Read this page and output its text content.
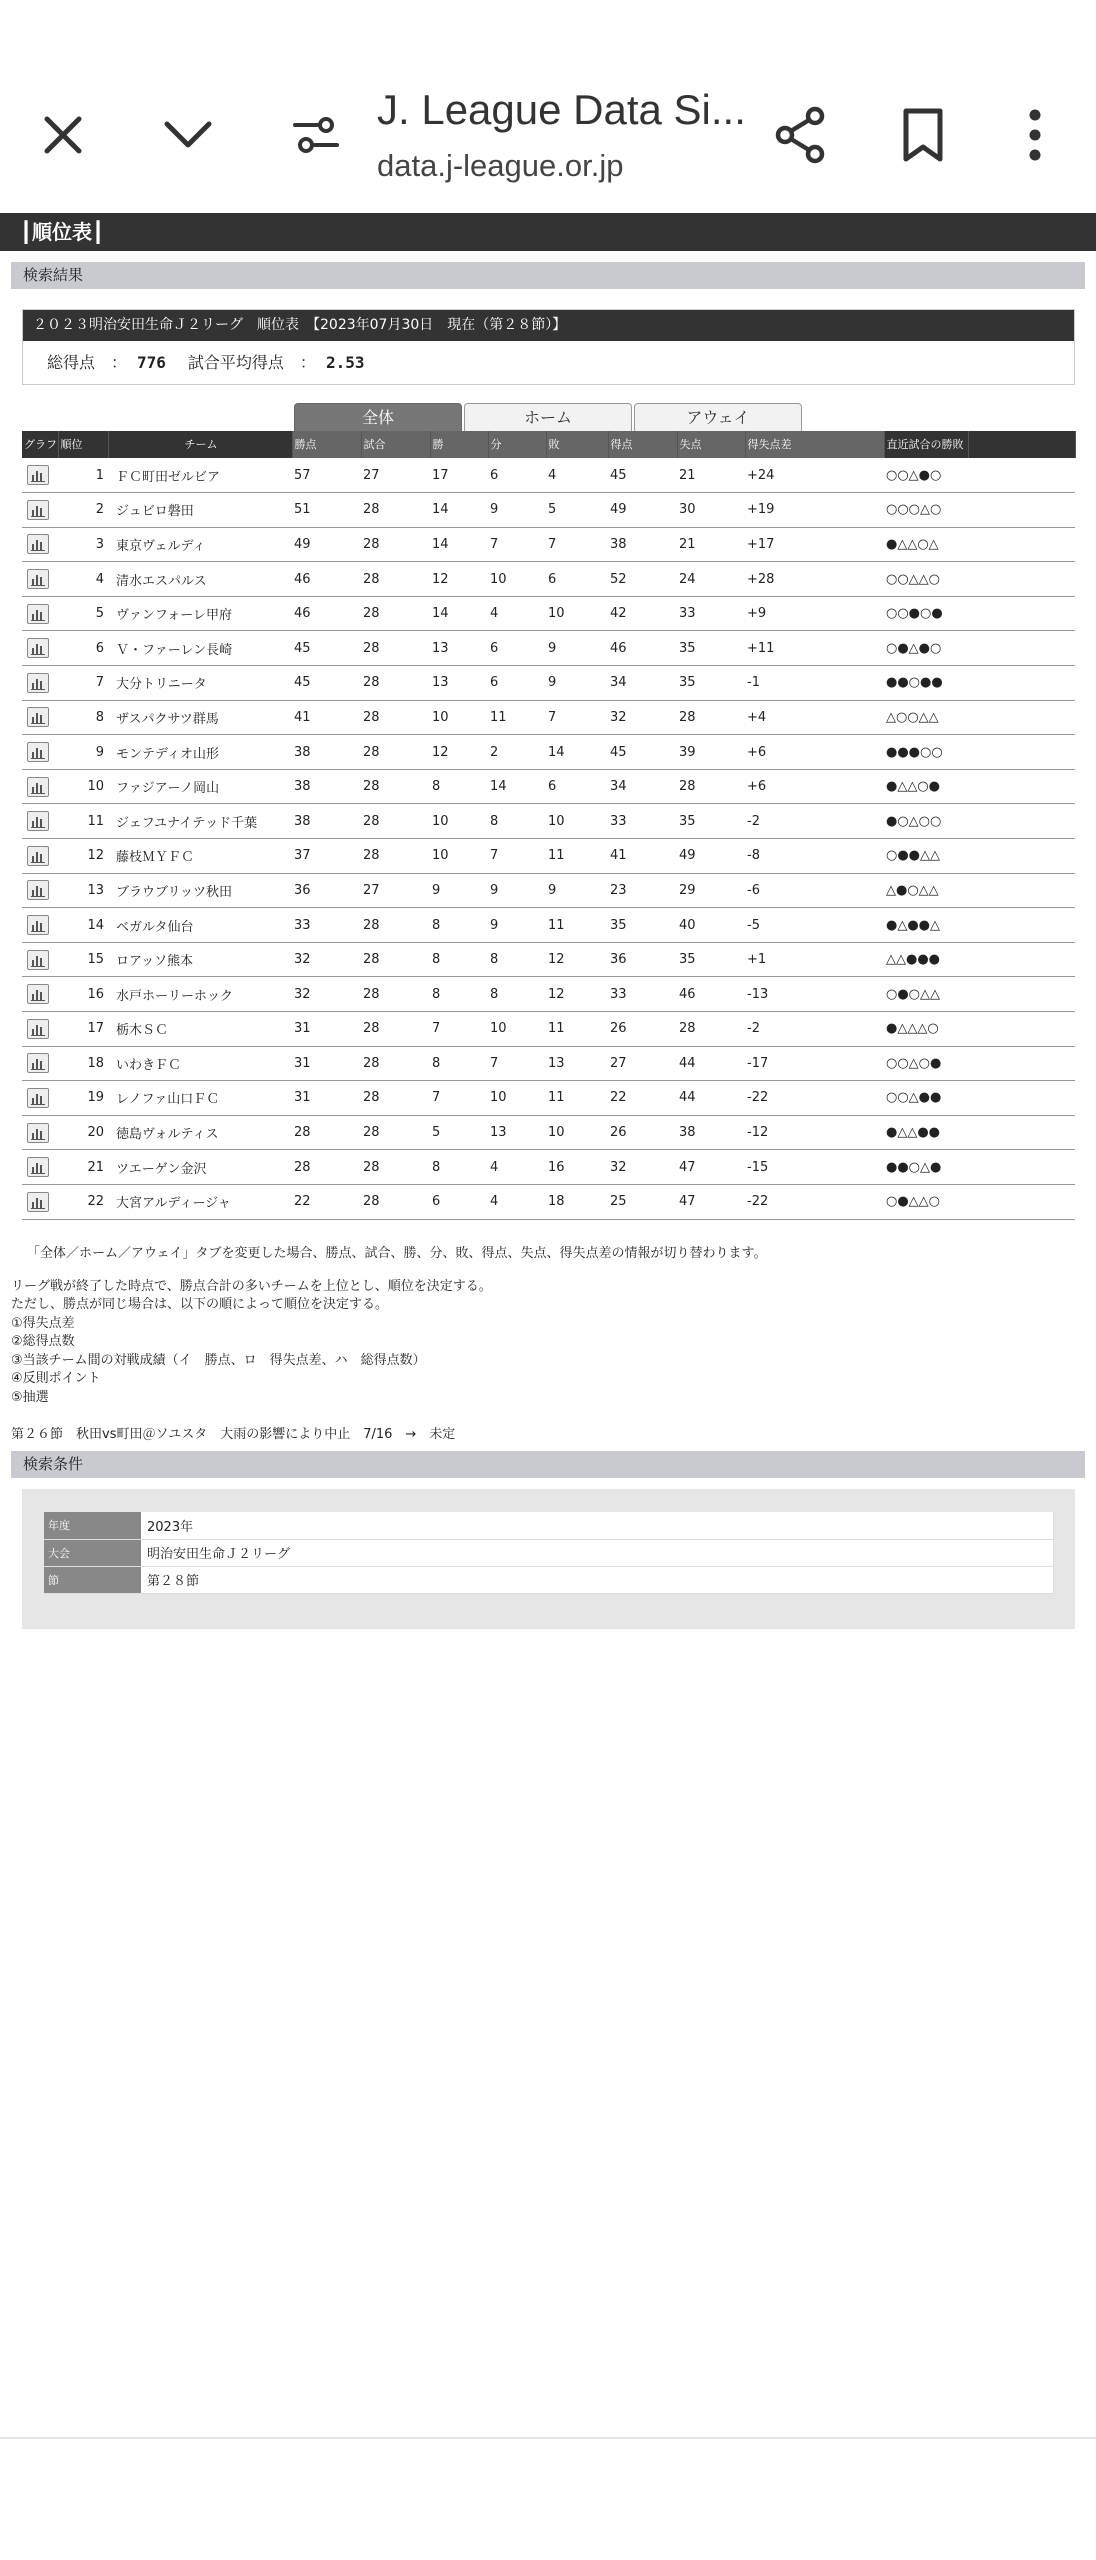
J. League Data Si...
data.j-league.or.jp
┃順位表┃
検索結果
２０２３明治安田生命Ｊ２リーグ　順位表　【2023年07月30日　現在（第２８節）】
総得点　： 776 試合平均得点　： 2.53
全体	ホーム	アウェイ
グラフ	順位	チーム	勝点	試合	勝	分	敗	得点	失点	得失点差	直近試合の勝敗	

	1	ＦＣ町田ゼルビア	57	27	17	6	4	45	21	+24	○○△●○	

	2	ジュビロ磐田	51	28	14	9	5	49	30	+19	○○○△○	

	3	東京ヴェルディ	49	28	14	7	7	38	21	+17	●△△○△	

	4	清水エスパルス	46	28	12	10	6	52	24	+28	○○△△○	

	5	ヴァンフォーレ甲府	46	28	14	4	10	42	33	+9	○○●○●	

	6	Ｖ・ファーレン長崎	45	28	13	6	9	46	35	+11	○●△●○	

	7	大分トリニータ	45	28	13	6	9	34	35	-1	●●○●●	

	8	ザスパクサツ群馬	41	28	10	11	7	32	28	+4	△○○△△	

	9	モンテディオ山形	38	28	12	2	14	45	39	+6	●●●○○	

	10	ファジアーノ岡山	38	28	8	14	6	34	28	+6	●△△○●	

	11	ジェフユナイテッド千葉	38	28	10	8	10	33	35	-2	●○△○○	

	12	藤枝ＭＹＦＣ	37	28	10	7	11	41	49	-8	○●●△△	

	13	ブラウブリッツ秋田	36	27	9	9	9	23	29	-6	△●○△△	

	14	ベガルタ仙台	33	28	8	9	11	35	40	-5	●△●●△	

	15	ロアッソ熊本	32	28	8	8	12	36	35	+1	△△●●●	

	16	水戸ホーリーホック	32	28	8	8	12	33	46	-13	○●○△△	

	17	栃木ＳＣ	31	28	7	10	11	26	28	-2	●△△△○	

	18	いわきＦＣ	31	28	8	7	13	27	44	-17	○○△○●	

	19	レノファ山口ＦＣ	31	28	7	10	11	22	44	-22	○○△●●	

	20	徳島ヴォルティス	28	28	5	13	10	26	38	-12	●△△●●	

	21	ツエーゲン金沢	28	28	8	4	16	32	47	-15	●●○△●	

	22	大宮アルディージャ	22	28	6	4	18	25	47	-22	○●△△○	
「全体／ホーム／アウェイ」タブを変更した場合、勝点、試合、勝、分、敗、得点、失点、得失点差の情報が切り替わります。
リーグ戦が終了した時点で、勝点合計の多いチームを上位とし、順位を決定する。
ただし、勝点が同じ場合は、以下の順によって順位を決定する。
①得失点差
②総得点数
③当該チーム間の対戦成績（イ　勝点、ロ　得失点差、ハ　総得点数）
④反則ポイント
⑤抽選
第２６節　秋田vs町田＠ソユスタ　大雨の影響により中止　7/16　→　未定
検索条件
年度	2023年
大会	明治安田生命Ｊ２リーグ
節	第２８節
